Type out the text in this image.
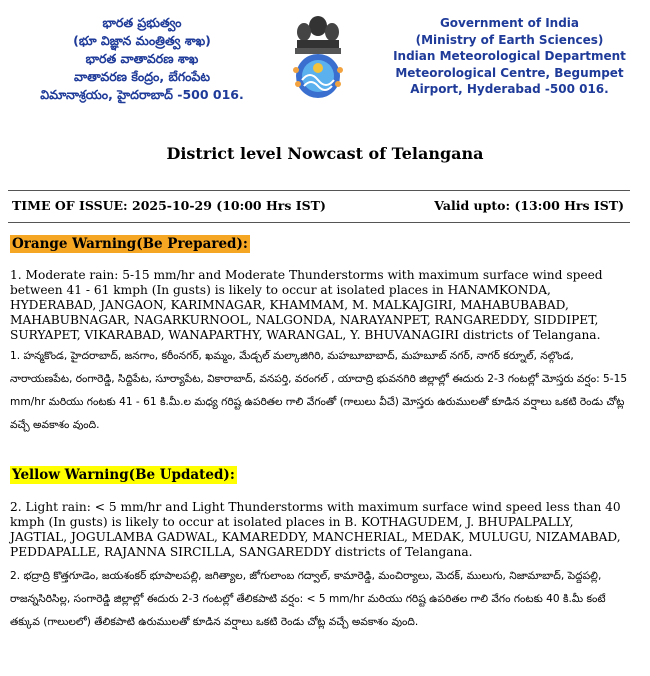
భారత ప్రభుత్వం
(భూ విజ్ఞాన మంత్రిత్వ శాఖ)
భారత వాతావరణ శాఖ
వాతావరణ కేంద్రం, బేగంపేట
విమానాశ్రయం, హైదరాబాద్ -500 016.
Government of India
(Ministry of Earth Sciences)
Indian Meteorological Department
Meteorological Centre, Begumpet
Airport, Hyderabad -500 016.
District level Nowcast of Telangana
TIME OF ISSUE: 2025-10-29 (10:00 Hrs IST)	Valid upto: (13:00 Hrs IST)
Orange Warning(Be Prepared):
1. Moderate rain: 5-15 mm/hr and Moderate Thunderstorms with maximum surface wind speed between 41 - 61 kmph (In gusts) is likely to occur at isolated places in HANAMKONDA, HYDERABAD, JANGAON, KARIMNAGAR, KHAMMAM, M. MALKAJGIRI, MAHABUBABAD, MAHABUBNAGAR, NAGARKURNOOL, NALGONDA, NARAYANPET, RANGAREDDY, SIDDIPET, SURYAPET, VIKARABAD, WANAPARTHY, WARANGAL, Y. BHUVANAGIRI districts of Telangana.
1. హన్మకొండ, హైదరాబాద్, జనగాం, కరీంనగర్, ఖమ్మం, మేడ్చల్ మల్కాజిగిరి, మహబూబాబాద్, మహబూబ్ నగర్, నాగర్ కర్నూల్, నల్గొండ, నారాయణపేట, రంగారెడ్డి, సిద్దిపేట, సూర్యాపేట, వికారాబాద్, వనపర్తి, వరంగల్ , యాదాద్రి భువనగిరి జిల్లాల్లో ఈదురు 2-3 గంటల్లో మోస్తరు వర్షం: 5-15 mm/hr మరియు గంటకు 41 - 61 కి.మీ.ల మధ్య గరిష్ట ఉపరితల గాలి వేగంతో (గాలులు వీచే) మోస్తరు ఉరుములతో కూడిన వర్షాలు ఒకటి రెండు చోట్ల వచ్చే అవకాశం వుంది.
Yellow Warning(Be Updated):
2. Light rain: < 5 mm/hr and Light Thunderstorms with maximum surface wind speed less than 40 kmph (In gusts) is likely to occur at isolated places in B. KOTHAGUDEM, J. BHUPALPALLY, JAGTIAL, JOGULAMBA GADWAL, KAMAREDDY, MANCHERIAL, MEDAK, MULUGU, NIZAMABAD, PEDDAPALLE, RAJANNA SIRCILLA, SANGAREDDY districts of Telangana.
2. భద్రాద్రి కొత్తగూడెం, జయశంకర్ భూపాలపల్లి, జగిత్యాల, జోగులాంబ గద్వాల్, కామారెడ్డి, మంచిర్యాలు, మెదక్, ములుగు, నిజామాబాద్, పెద్దపల్లి, రాజన్నసిరిసిల్ల, సంగారెడ్డి జిల్లాల్లో ఈదురు 2-3 గంటల్లో తేలికపాటి వర్షం: < 5 mm/hr మరియు గరిష్ట ఉపరితల గాలి వేగం గంటకు 40 కి.మీ కంటే తక్కువ (గాలులలో) తేలికపాటి ఉరుములతో కూడిన వర్షాలు ఒకటి రెండు చోట్ల వచ్చే అవకాశం వుంది.
